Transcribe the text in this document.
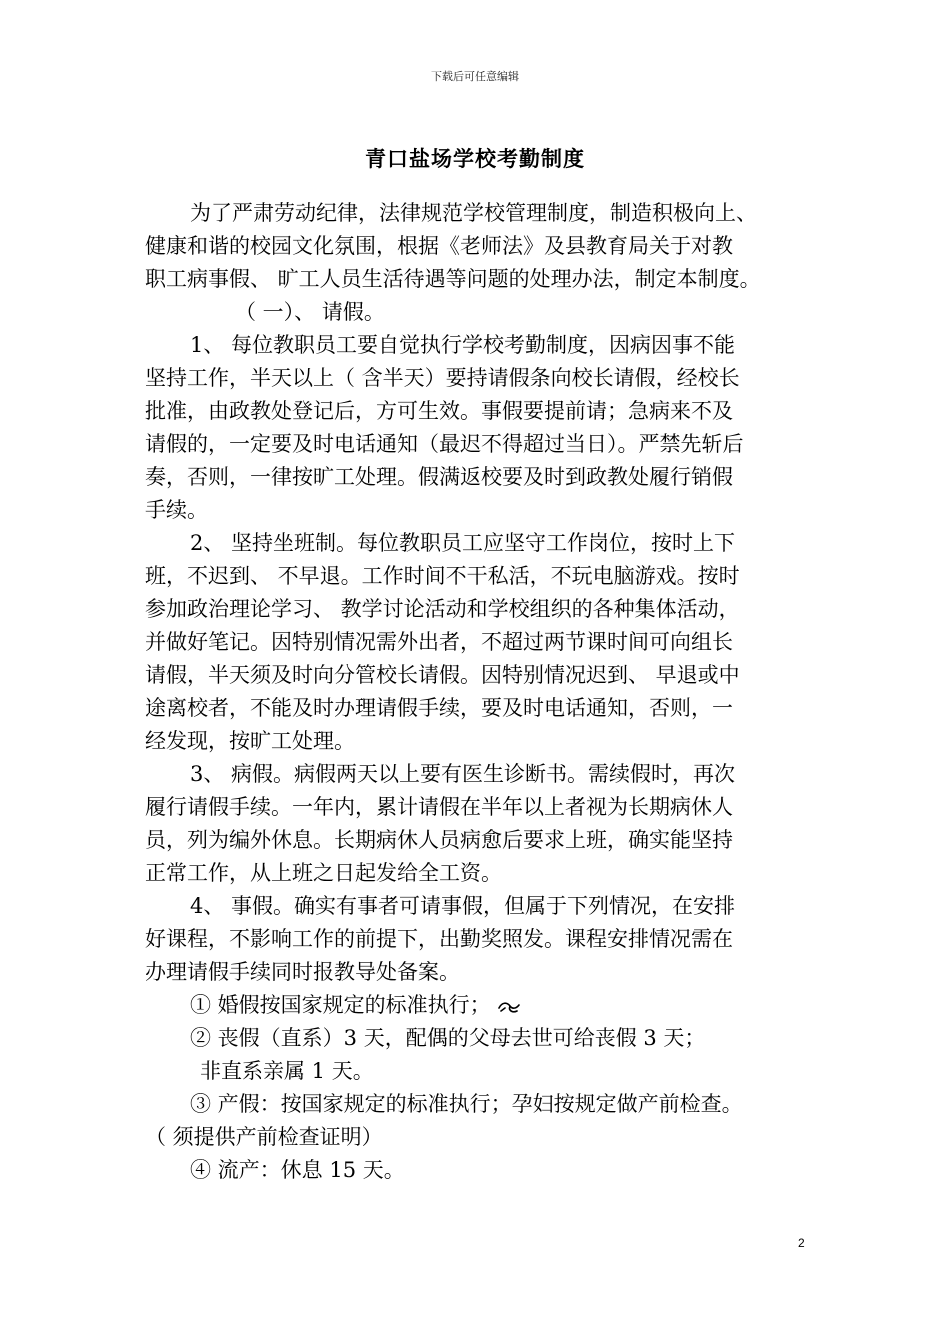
下载后可任意编辑
青口盐场学校考勤制度
为了严肃劳动纪律，法律规范学校管理制度，制造积极向上、
健康和谐的校园文化氛围，根据《老师法》及县教育局关于对教
职工病事假、 旷工人员生活待遇等问题的处理办法，制定本制度。
（ 一）、 请假。
1、 每位教职员工要自觉执行学校考勤制度，因病因事不能
坚持工作，半天以上（ 含半天）要持请假条向校长请假，经校长
批准，由政教处登记后，方可生效。事假要提前请；急病来不及
请假的，一定要及时电话通知（最迟不得超过当日）。严禁先斩后
奏，否则，一律按旷工处理。假满返校要及时到政教处履行销假
手续。
2、 坚持坐班制。每位教职员工应坚守工作岗位，按时上下
班，不迟到、 不早退。工作时间不干私活，不玩电脑游戏。按时
参加政治理论学习、 教学讨论活动和学校组织的各种集体活动，
并做好笔记。因特别情况需外出者，不超过两节课时间可向组长
请假，半天须及时向分管校长请假。因特别情况迟到、 早退或中
途离校者，不能及时办理请假手续，要及时电话通知，否则，一
经发现，按旷工处理。
3、 病假。病假两天以上要有医生诊断书。需续假时，再次
履行请假手续。一年内，累计请假在半年以上者视为长期病休人
员，列为编外休息。长期病休人员病愈后要求上班，确实能坚持
正常工作，从上班之日起发给全工资。
4、 事假。确实有事者可请事假，但属于下列情况，在安排
好课程，不影响工作的前提下，出勤奖照发。课程安排情况需在
办理请假手续同时报教导处备案。
① 婚假按国家规定的标准执行；
② 丧假（直系）3 天，配偶的父母去世可给丧假 3 天；
非直系亲属 1 天。
③ 产假：按国家规定的标准执行；孕妇按规定做产前检查。
（ 须提供产前检查证明）
④ 流产：休息 15 天。
2
